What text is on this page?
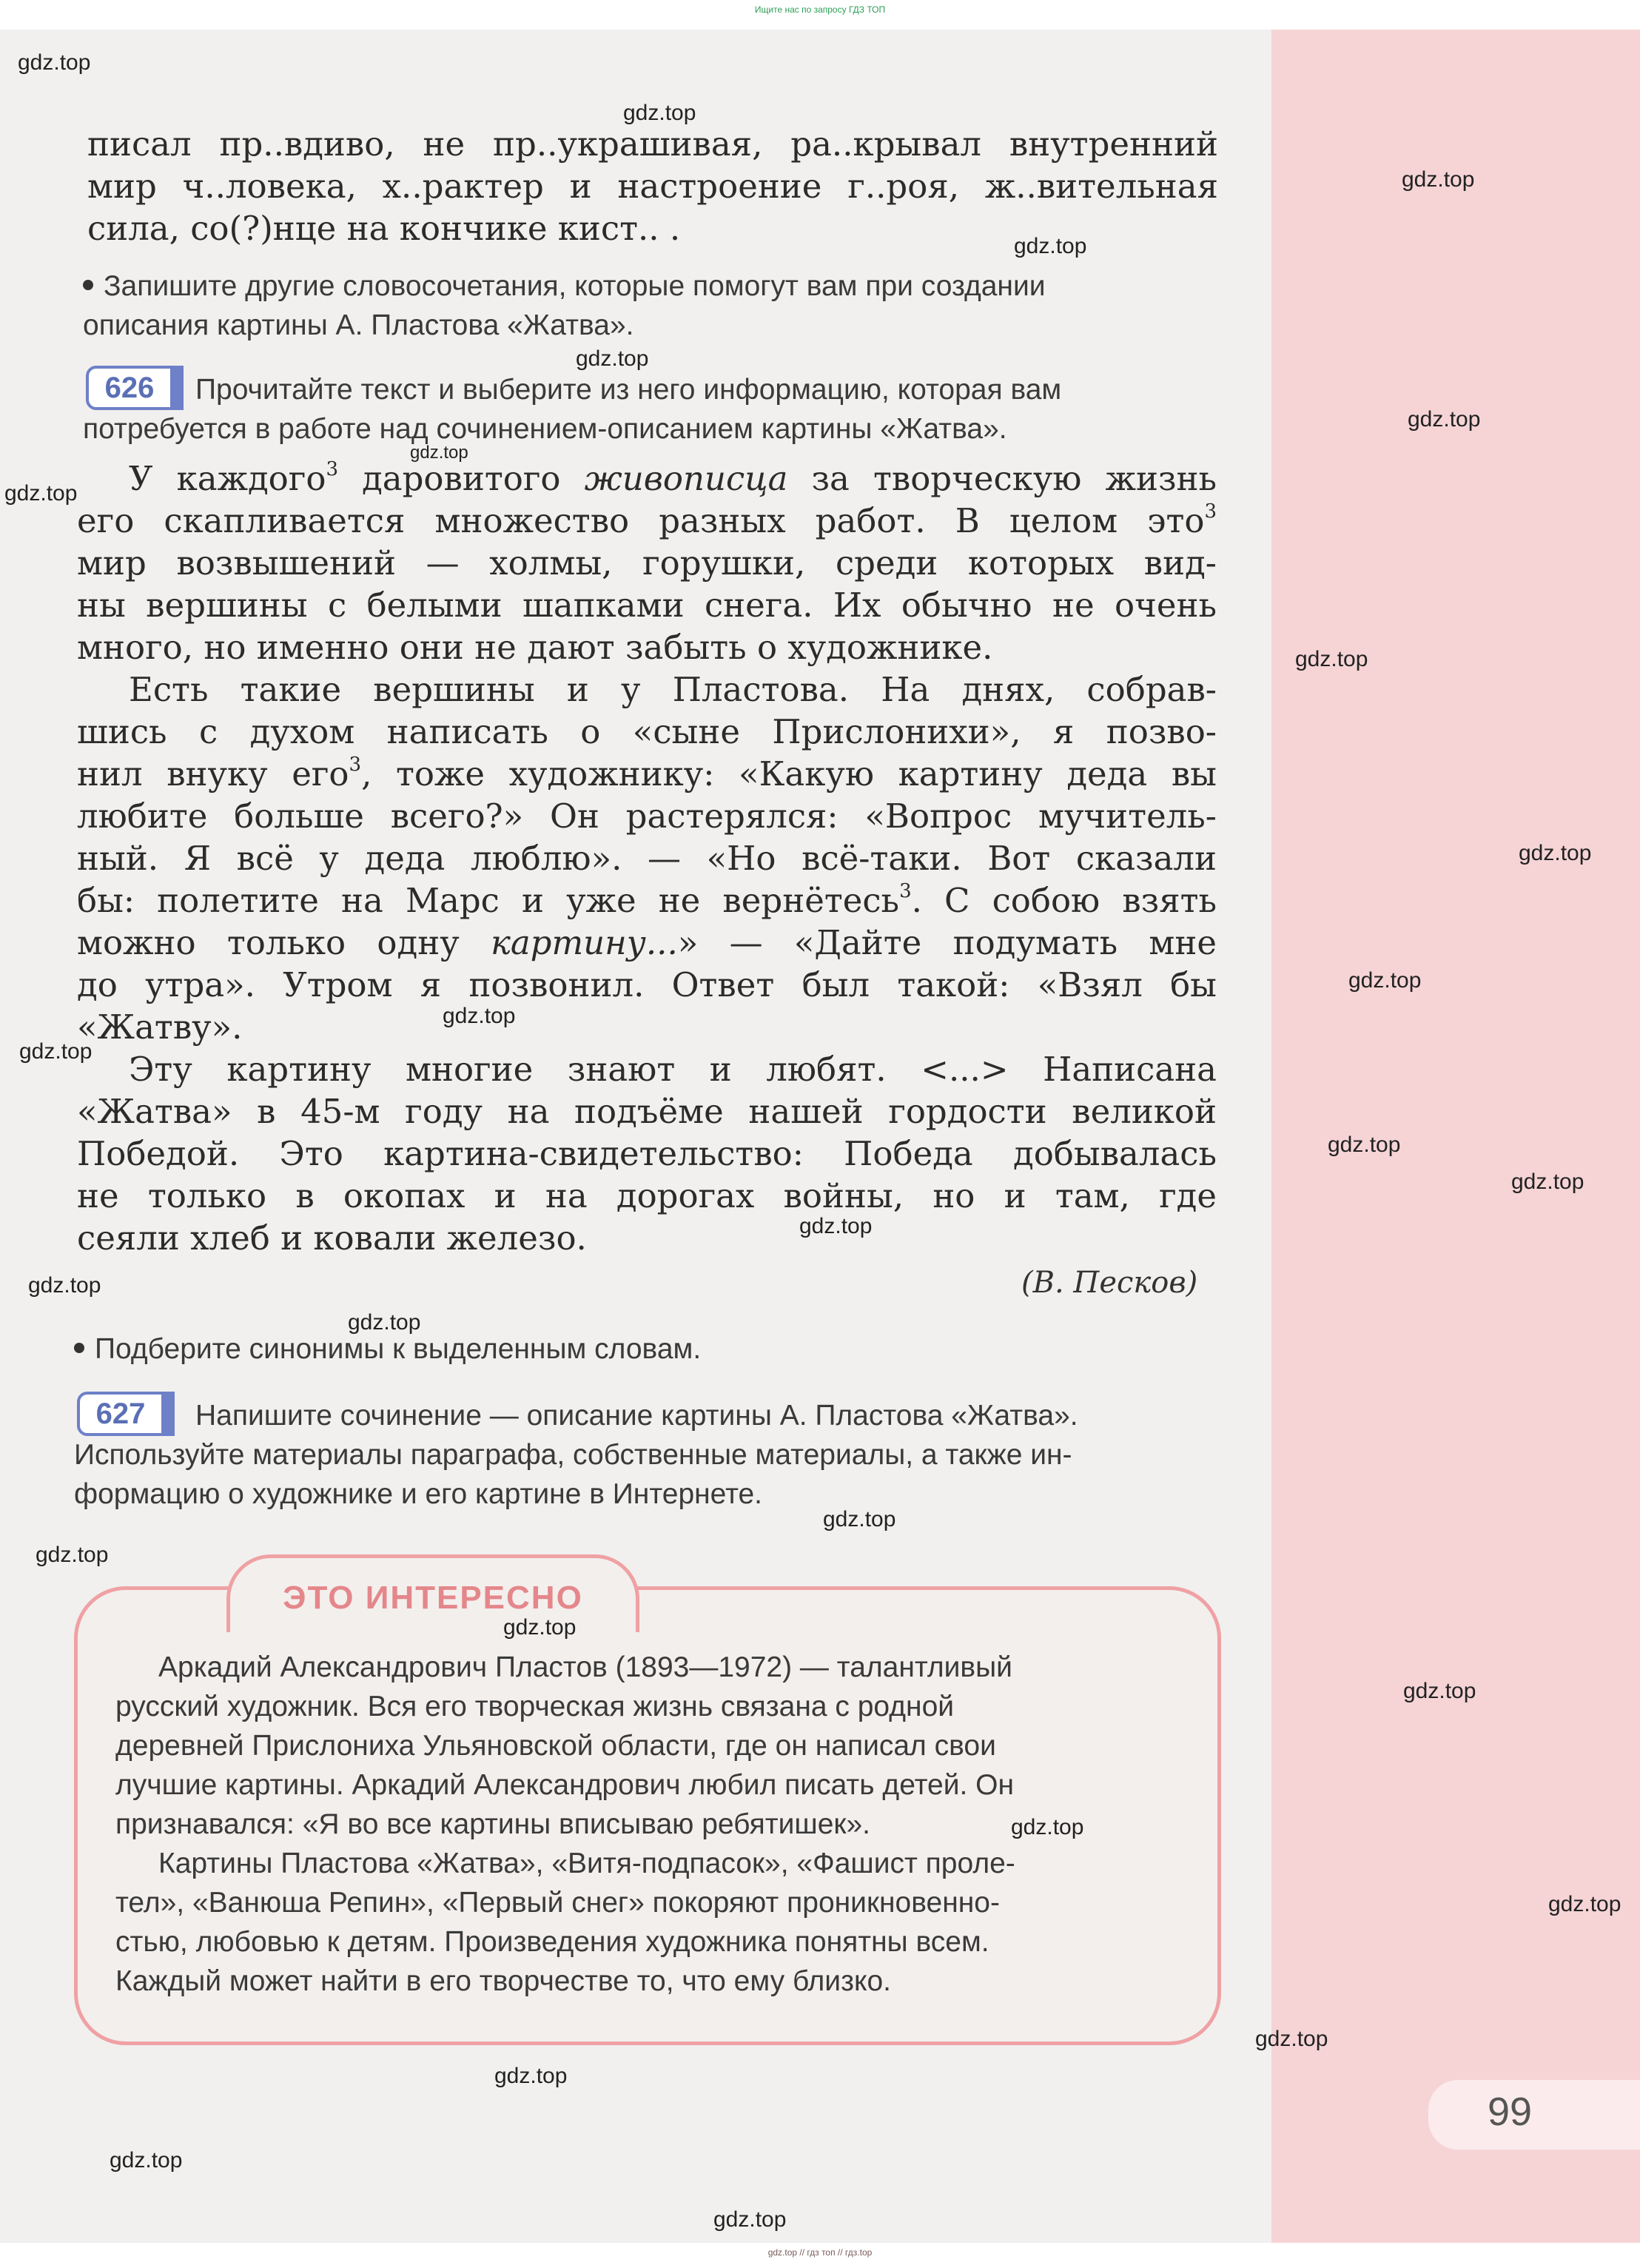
Ищите нас по запросу ГДЗ ТОП
99
писал пр..вдиво, не пр..украшивая, ра..крывал внутренний
мир ч..ловека, х..рактер и настроение г..роя, ж..вительная
сила, со(?)нце на кончике кист.. .
Запишите другие словосочетания, которые помогут вам при создании
описания картины А. Пластова «Жатва».
626	Прочитайте текст и выберите из него информацию, которая вам
потребуется в работе над сочинением-описанием картины «Жатва».
У каждого$^3$ даровитого живописца за творческую жизнь
его скапливается множество разных работ. В целом это$^3$
мир возвышений — холмы, горушки, среди которых вид-
ны вершины с белыми шапками снега. Их обычно не очень
много, но именно они не дают забыть о художнике.
Есть такие вершины и у Пластова. На днях, собрав-
шись с духом написать о «сыне Прислонихи», я позво-
нил внуку его$^3$, тоже художнику: «Какую картину деда вы
любите больше всего?» Он растерялся: «Вопрос мучитель-
ный. Я всё у деда люблю». — «Но всё-таки. Вот сказали
бы: полетите на Марс и уже не вернётесь$^3$. С собою взять
можно только одну картину...» — «Дайте подумать мне
до утра». Утром я позвонил. Ответ был такой: «Взял бы
«Жатву».
Эту картину многие знают и любят. <...> Написана
«Жатва» в 45-м году на подъёме нашей гордости великой
Победой. Это картина-свидетельство: Победа добывалась
не только в окопах и на дорогах войны, но и там, где
сеяли хлеб и ковали железо.
(В. Песков)
Подберите синонимы к выделенным словам.
627	Напишите сочинение — описание картины А. Пластова «Жатва».
Используйте материалы параграфа, собственные материалы, а также ин-
формацию о художнике и его картине в Интернете.
ЭТО ИНТЕРЕСНО
Аркадий Александрович Пластов (1893—1972) — талантливый
русский художник. Вся его творческая жизнь связана с родной
деревней Прислониха Ульяновской области, где он написал свои
лучшие картины. Аркадий Александрович любил писать детей. Он
признавался: «Я во все картины вписываю ребятишек».
Картины Пластова «Жатва», «Витя-подпасок», «Фашист проле-
тел», «Ванюша Репин», «Первый снег» покоряют проникновенно-
стью, любовью к детям. Произведения художника понятны всем.
Каждый может найти в его творчестве то, что ему близко.
gdz.top
gdz.top
gdz.top
gdz.top
gdz.top
gdz.top
gdz.top
gdz.top
gdz.top
gdz.top
gdz.top
gdz.top
gdz.top
gdz.top
gdz.top
gdz.top
gdz.top
gdz.top
gdz.top
gdz.top
gdz.top
gdz.top
gdz.top
gdz.top
gdz.top
gdz.top
gdz.top
gdz.top
gdz.top // гдз топ // гдз.top
